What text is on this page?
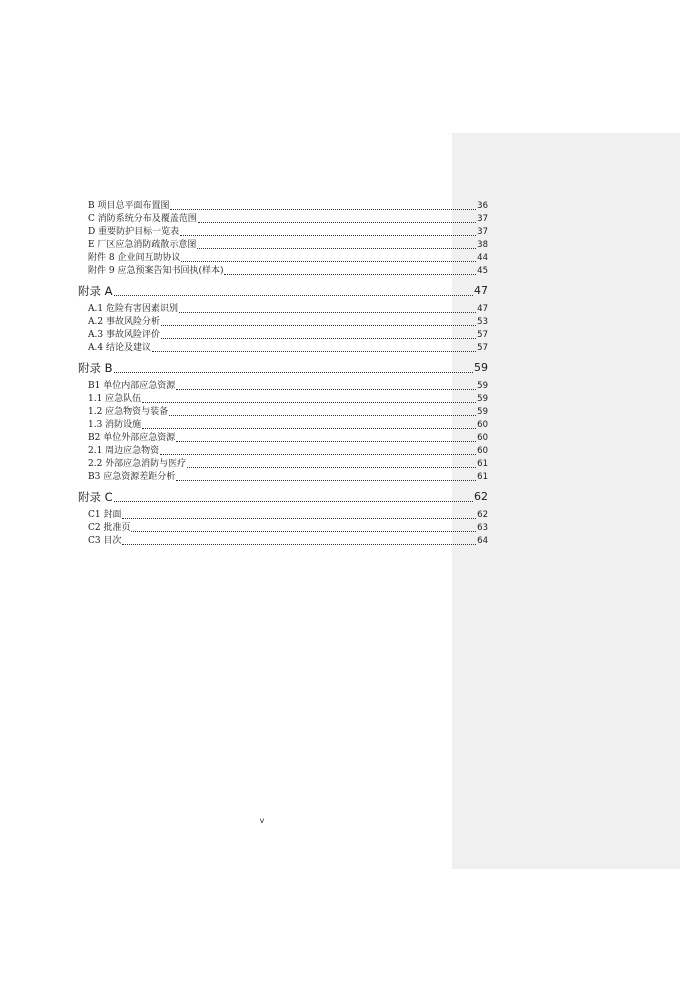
B 项目总平面布置图	36
C 消防系统分布及覆盖范围	37
D 重要防护目标一览表	37
E 厂区应急消防疏散示意图	38
附件 8 企业间互助协议	44
附件 9 应急预案告知书回执(样本)	45
附录 A	47
A.1 危险有害因素识别	47
A.2 事故风险分析	53
A.3 事故风险评价	57
A.4 结论及建议	57
附录 B	59
B1 单位内部应急资源	59
1.1 应急队伍	59
1.2 应急物资与装备	59
1.3 消防设施	60
B2 单位外部应急资源	60
2.1 周边应急物资	60
2.2 外部应急消防与医疗	61
B3 应急资源差距分析	61
附录 C	62
C1 封面	62
C2 批准页	63
C3 目次	64
v
